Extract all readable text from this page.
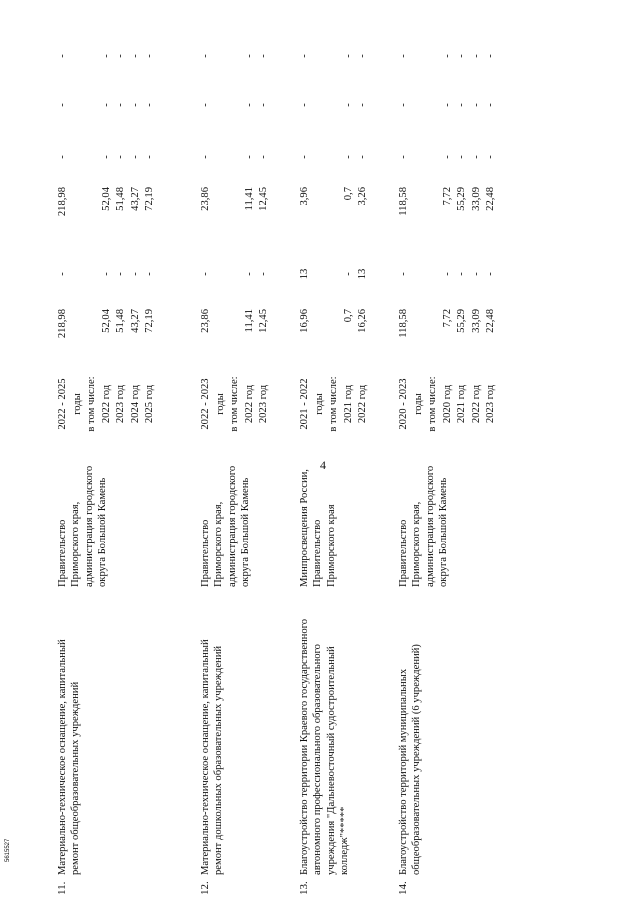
4
11.
Материально-техническое оснащение, капитальный ремонт общеобразовательных учреждений
Правительство Приморского края, администрация городского округа Большой Камень
2022 - 2025
218,98
-
218,98
-
-
-
годы в том числе: 2022 год
52,04
-
52,04
-
-
-
2023 год
51,48
-
51,48
-
-
-
2024 год
43,27
-
43,27
-
-
-
2025 год
72,19
-
72,19
-
-
-
12.
Материально-техническое оснащение, капитальный ремонт дошкольных образовательных учреждений
Правительство Приморского края, администрация городского округа Большой Камень
2022 - 2023
23,86
-
23,86
-
-
-
годы в том числе: 2022 год
11,41
-
11,41
-
-
-
2023 год
12,45
-
12,45
-
-
-
13.
Благоустройство территории Краевого государственного автономного профессионального образовательного учреждения "Дальневосточный судостроительный колледж"*****
Минпросвещения России, Правительство Приморского края
2021 - 2022
16,96
13
3,96
-
-
-
годы в том числе: 2021 год
0,7
-
0,7
-
-
-
2022 год
16,26
13
3,26
-
-
-
14.
Благоустройство территорий муниципальных общеобразовательных учреждений (6 учреждений)
Правительство Приморского края, администрация городского округа Большой Камень
2020 - 2023
118,58
-
118,58
-
-
-
годы в том числе: 2020 год
7,72
-
7,72
-
-
-
2021 год
55,29
-
55,29
-
-
-
2022 год
33,09
-
33,09
-
-
-
2023 год
22,48
-
22,48
-
-
-
5615527
